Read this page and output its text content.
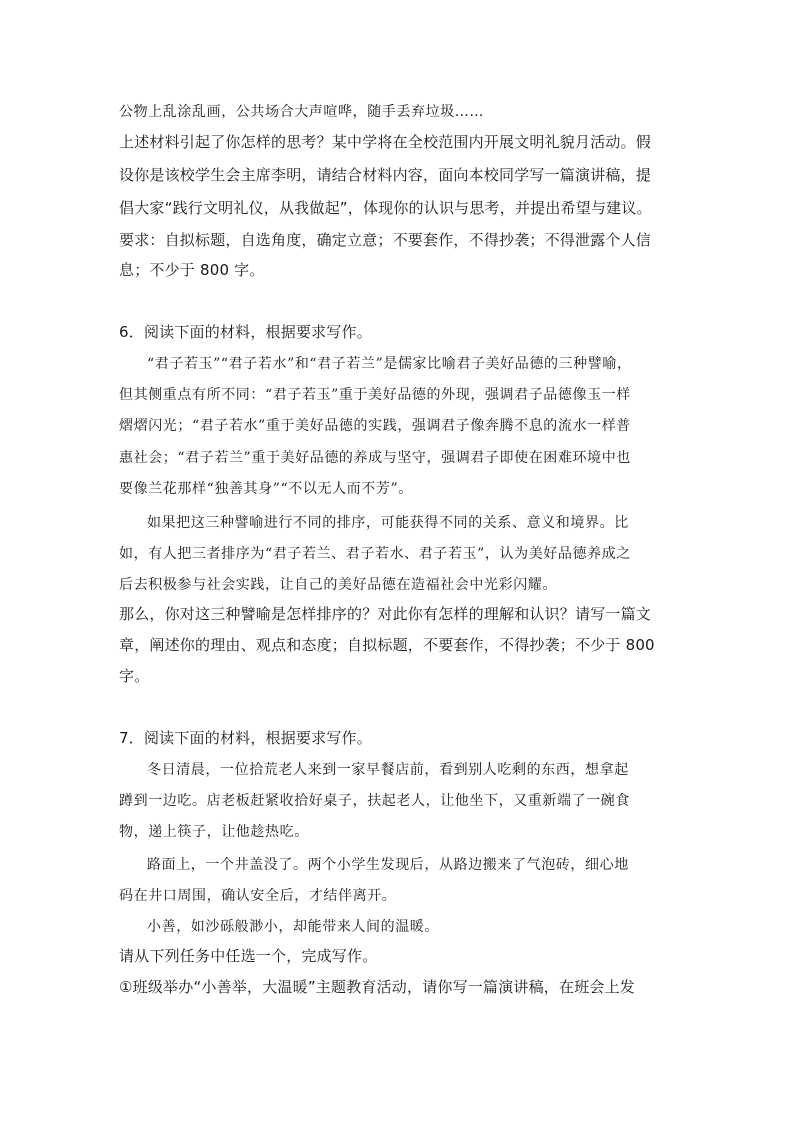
公物上乱涂乱画，公共场合大声喧哗，随手丢弃垃圾……
上述材料引起了你怎样的思考？某中学将在全校范围内开展文明礼貌月活动。假
设你是该校学生会主席李明，请结合材料内容，面向本校同学写一篇演讲稿，提
倡大家“践行文明礼仪，从我做起”，体现你的认识与思考，并提出希望与建议。
要求：自拟标题，自选角度，确定立意；不要套作，不得抄袭；不得泄露个人信
息；不少于 800 字。
6．阅读下面的材料，根据要求写作。
“君子若玉”“君子若水”和“君子若兰”是儒家比喻君子美好品德的三种譬喻，
但其侧重点有所不同：“君子若玉”重于美好品德的外现，强调君子品德像玉一样
熠熠闪光；“君子若水”重于美好品德的实践，强调君子像奔腾不息的流水一样普
惠社会；“君子若兰”重于美好品德的养成与坚守，强调君子即使在困难环境中也
要像兰花那样“独善其身”“不以无人而不芳”。
如果把这三种譬喻进行不同的排序，可能获得不同的关系、意义和境界。比
如，有人把三者排序为“君子若兰、君子若水、君子若玉”，认为美好品德养成之
后去积极参与社会实践，让自己的美好品德在造福社会中光彩闪耀。
那么，你对这三种譬喻是怎样排序的？对此你有怎样的理解和认识？请写一篇文
章，阐述你的理由、观点和态度；自拟标题，不要套作，不得抄袭；不少于 800
字。
7．阅读下面的材料，根据要求写作。
冬日清晨，一位拾荒老人来到一家早餐店前，看到别人吃剩的东西，想拿起
蹲到一边吃。店老板赶紧收拾好桌子，扶起老人，让他坐下，又重新端了一碗食
物，递上筷子，让他趁热吃。
路面上，一个井盖没了。两个小学生发现后，从路边搬来了气泡砖，细心地
码在井口周围，确认安全后，才结伴离开。
小善，如沙砾般渺小，却能带来人间的温暖。
请从下列任务中任选一个，完成写作。
①班级举办“小善举，大温暖”主题教育活动，请你写一篇演讲稿，在班会上发
